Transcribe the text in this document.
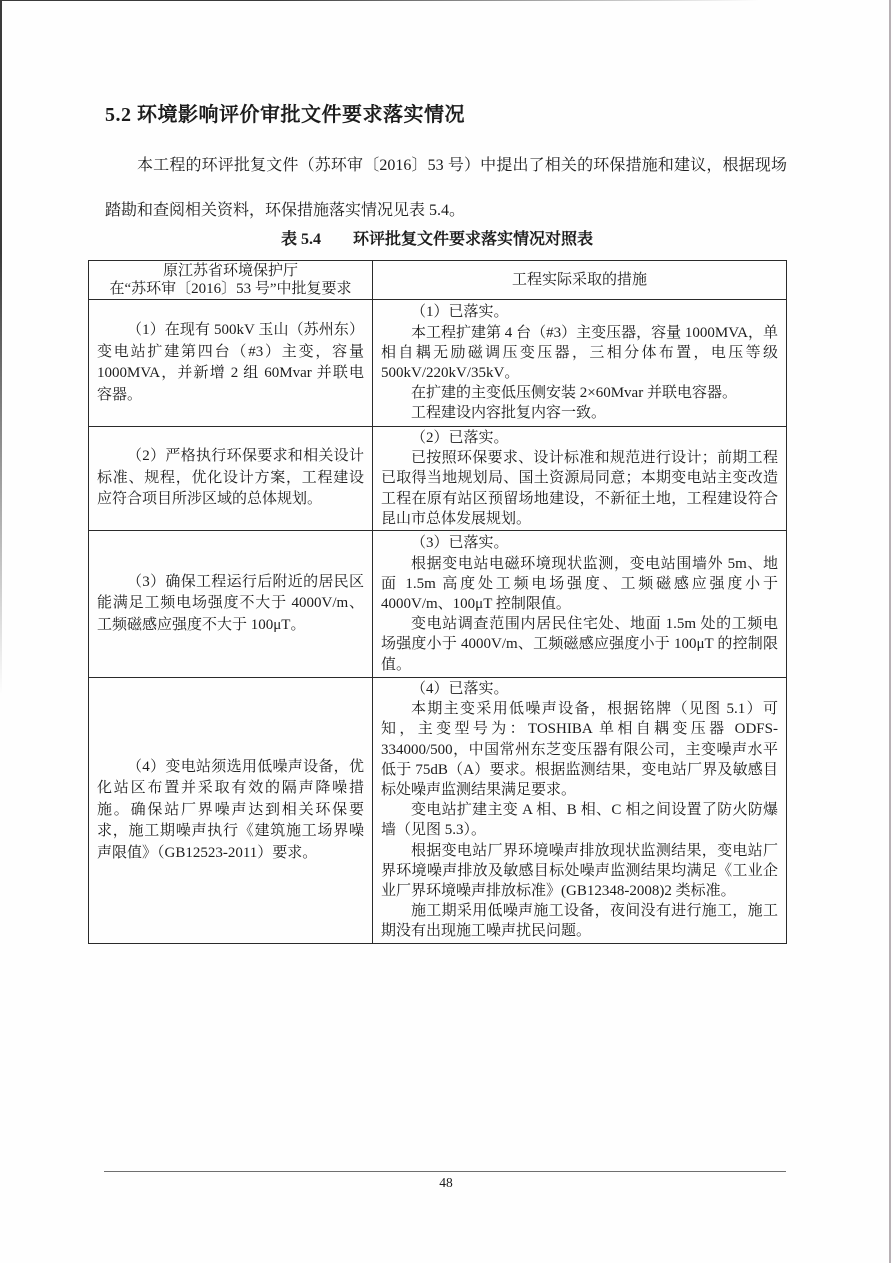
5.2 环境影响评价审批文件要求落实情况

本工程的环评批复文件（苏环审〔2016〕53 号）中提出了相关的环保措施和建议，根据现场踏勘和查阅相关资料，环保措施落实情况见表 5.4。

表 5.4 环评批复文件要求落实情况对照表
原江苏省环境保护厅
在“苏环审〔2016〕53 号”中批复要求	工程实际采取的措施

（1）在现有 500kV 玉山（苏州东）变电站扩建第四台（#3）主变，容量 1000MVA，并新增 2 组 60Mvar 并联电容器。	（1）已落实。

本工程扩建第 4 台（#3）主变压器，容量 1000MVA，单相自耦无励磁调压变压器，三相分体布置，电压等级 500kV/220kV/35kV。

在扩建的主变低压侧安装 2×60Mvar 并联电容器。

工程建设内容批复内容一致。

（2）严格执行环保要求和相关设计标准、规程，优化设计方案，工程建设应符合项目所涉区域的总体规划。	（2）已落实。

已按照环保要求、设计标准和规范进行设计；前期工程已取得当地规划局、国土资源局同意；本期变电站主变改造工程在原有站区预留场地建设，不新征土地，工程建设符合昆山市总体发展规划。

（3）确保工程运行后附近的居民区能满足工频电场强度不大于 4000V/m、工频磁感应强度不大于 100μT。	（3）已落实。

根据变电站电磁环境现状监测，变电站围墙外 5m、地面 1.5m 高度处工频电场强度、工频磁感应强度小于 4000V/m、100μT 控制限值。

变电站调查范围内居民住宅处、地面 1.5m 处的工频电场强度小于 4000V/m、工频磁感应强度小于 100μT 的控制限值。

（4）变电站须选用低噪声设备，优化站区布置并采取有效的隔声降噪措施。确保站厂界噪声达到相关环保要求，施工期噪声执行《建筑施工场界噪声限值》（GB12523-2011）要求。	（4）已落实。

本期主变采用低噪声设备，根据铭牌（见图 5.1）可知，主变型号为：TOSHIBA 单相自耦变压器 ODFS-334000/500，中国常州东芝变压器有限公司，主变噪声水平低于 75dB（A）要求。根据监测结果，变电站厂界及敏感目标处噪声监测结果满足要求。

变电站扩建主变 A 相、B 相、C 相之间设置了防火防爆墙（见图 5.3）。

根据变电站厂界环境噪声排放现状监测结果，变电站厂界环境噪声排放及敏感目标处噪声监测结果均满足《工业企业厂界环境噪声排放标准》(GB12348-2008)2 类标准。

施工期采用低噪声施工设备，夜间没有进行施工，施工期没有出现施工噪声扰民问题。

48
